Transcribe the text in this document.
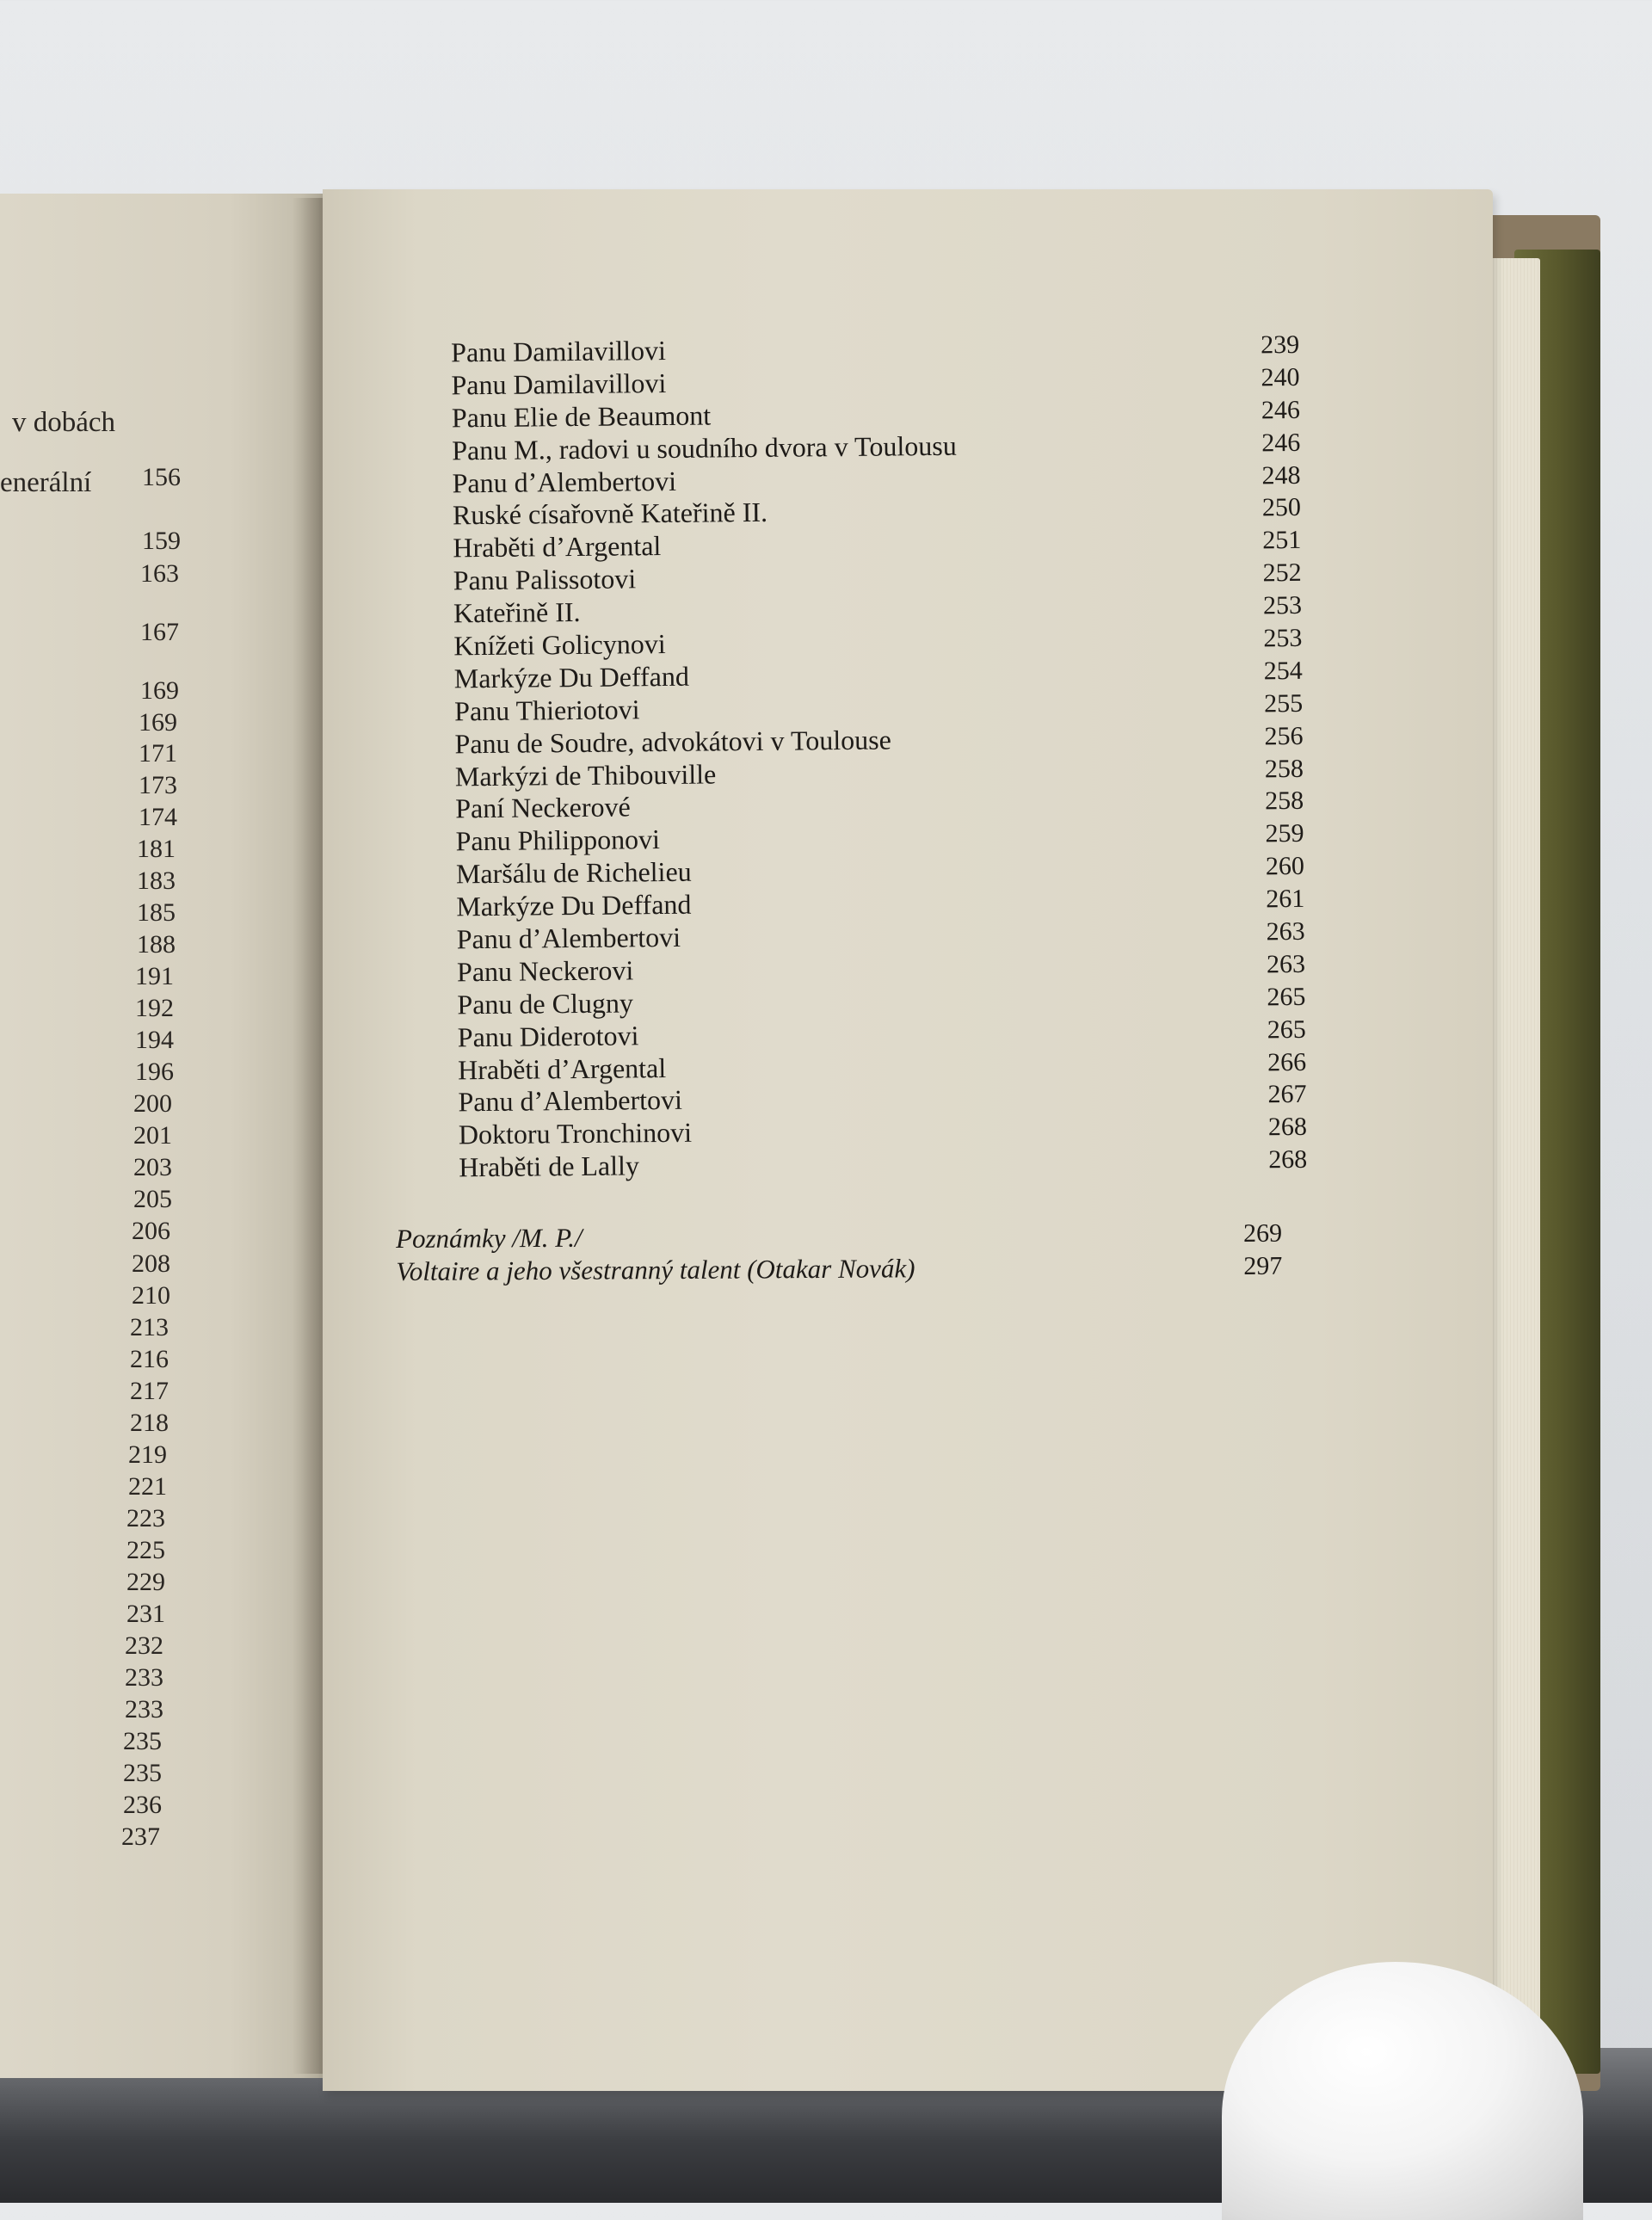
v dobách
enerální	156
159
163
167
169
169
171
173
174
181
183
185
188
191
192
194
196
200
201
203
205
206
208
210
213
216
217
218
219
221
223
225
229
231
232
233
233
235
235
236
237
Panu Damilavillovi	239
Panu Damilavillovi	240
Panu Elie de Beaumont	246
Panu M., radovi u soudního dvora v Toulousu	246
Panu d’Alembertovi	248
Ruské císařovně Kateřině II.	250
Hraběti d’Argental	251
Panu Palissotovi	252
Kateřině II.	253
Knížeti Golicynovi	253
Markýze Du Deffand	254
Panu Thieriotovi	255
Panu de Soudre, advokátovi v Toulouse	256
Markýzi de Thibouville	258
Paní Neckerové	258
Panu Philipponovi	259
Maršálu de Richelieu	260
Markýze Du Deffand	261
Panu d’Alembertovi	263
Panu Neckerovi	263
Panu de Clugny	265
Panu Diderotovi	265
Hraběti d’Argental	266
Panu d’Alembertovi	267
Doktoru Tronchinovi	268
Hraběti de Lally	268
Poznámky /M. P./	269
Voltaire a jeho všestranný talent (Otakar Novák)	297
